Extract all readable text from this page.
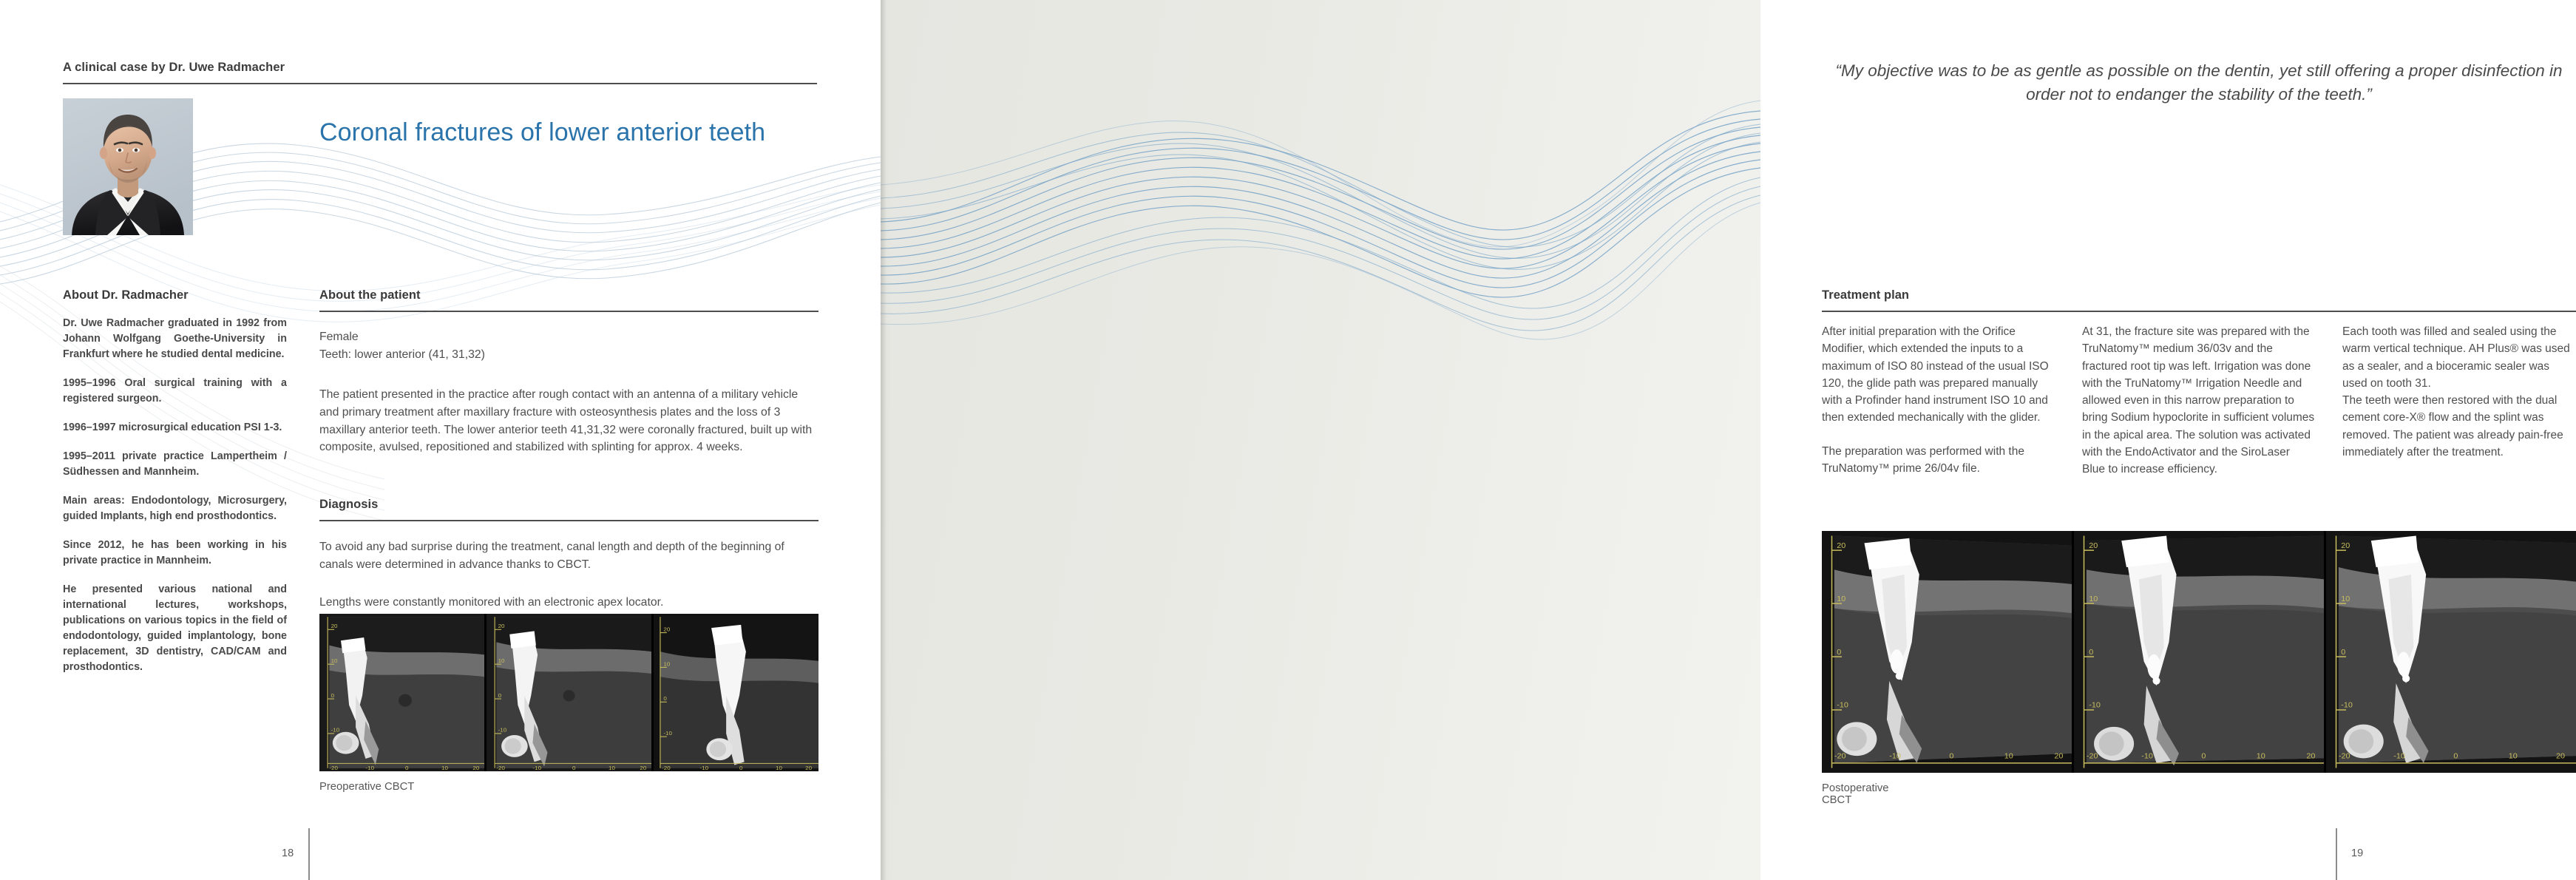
A clinical case by Dr. Uwe Radmacher
Coronal fractures of lower anterior teeth
About Dr. Radmacher
Dr. Uwe Radmacher graduated in 1992 from Johann Wolfgang Goethe-University in Frankfurt where he studied dental medicine.
1995–1996 Oral surgical training with a registered surgeon.
1996–1997 microsurgical education PSI 1-3.
1995–2011 private practice Lampertheim / Südhessen and Mannheim.
Main areas: Endodontology, Microsurgery, guided Implants, high end prosthodontics.
Since 2012, he has been working in his private practice in Mannheim.
He presented various national and international lectures, workshops, publications on various topics in the field of endodontology, guided implantology, bone replacement, 3D dentistry, CAD/CAM and prosthodontics.
About the patient
Female
Teeth: lower anterior (41, 31,32)
The patient presented in the practice after rough contact with an antenna of a military vehicle and primary treatment after maxillary fracture with osteosynthesis plates and the loss of 3 maxillary anterior teeth. The lower anterior teeth 41,31,32 were coronally fractured, built up with composite, avulsed, repositioned and stabilized with splinting for approx. 4 weeks.
Diagnosis
To avoid any bad surprise during the treatment, canal length and depth of the beginning of canals were determined in advance thanks to CBCT.
Lengths were constantly monitored with an electronic apex locator.
20
10
0
-10
-20	-10	0	10	20
20
10
0
-10
-20	-10	0	10	20
20
10
0
-10
-20	-10	0	10	20
Preoperative CBCT
18
“My objective was to be as gentle as possible on the dentin, yet still offering a proper disinfection in order not to endanger the stability of the teeth.”
Treatment plan

After initial preparation with the Orifice Modifier, which extended the inputs to a maximum of ISO 80 instead of the usual ISO 120, the glide path was prepared manually with a Profinder hand instrument ISO 10 and then extended mechanically with the glider.

The preparation was performed with the TruNatomy™ prime 26/04v file.

At 31, the fracture site was prepared with the TruNatomy™ medium 36/03v and the fractured root tip was left. Irrigation was done with the TruNatomy™ Irrigation Needle and allowed even in this narrow preparation to bring Sodium hypoclorite in sufficient volumes in the apical area. The solution was activated with the EndoActivator and the SiroLaser Blue to increase efficiency.

Each tooth was filled and sealed using the warm vertical technique. AH Plus® was used as a sealer, and a bioceramic sealer was used on tooth 31.
The teeth were then restored with the dual cement core-X® flow and the splint was removed. The patient was already pain-free immediately after the treatment.

20
10
0
-10
-20	-10	0	10	20
20
10
0
-10
-20	-10	0	10	20
20
10
0
-10
-20	-10	0	10	20
Postoperative CBCT
19
